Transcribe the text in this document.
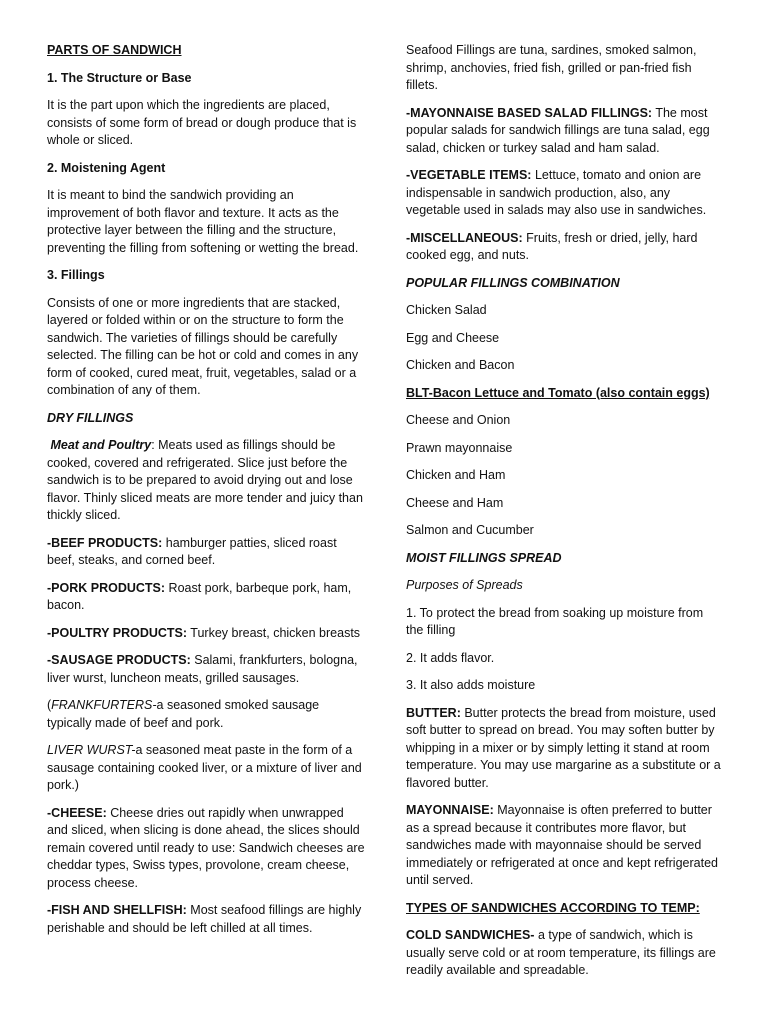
PARTS OF SANDWICH

1. The Structure or Base

It is the part upon which the ingredients are placed, consists of some form of bread or dough produce that is whole or sliced.

2. Moistening Agent

It is meant to bind the sandwich providing an improvement of both flavor and texture. It acts as the protective layer between the filling and the structure, preventing the filling from softening or wetting the bread.

3. Fillings

Consists of one or more ingredients that are stacked, layered or folded within or on the structure to form the sandwich. The varieties of fillings should be carefully selected. The filling can be hot or cold and comes in any form of cooked, cured meat, fruit, vegetables, salad or a combination of any of them.

DRY FILLINGS

Meat and Poultry: Meats used as fillings should be cooked, covered and refrigerated. Slice just before the sandwich is to be prepared to avoid drying out and lose flavor. Thinly sliced meats are more tender and juicy than thickly sliced.

-BEEF PRODUCTS: hamburger patties, sliced roast beef, steaks, and corned beef.

-PORK PRODUCTS: Roast pork, barbeque pork, ham, bacon.

-POULTRY PRODUCTS: Turkey breast, chicken breasts

-SAUSAGE PRODUCTS: Salami, frankfurters, bologna, liver wurst, luncheon meats, grilled sausages.

(FRANKFURTERS-a seasoned smoked sausage typically made of beef and pork.

LIVER WURST-a seasoned meat paste in the form of a sausage containing cooked liver, or a mixture of liver and pork.)

-CHEESE: Cheese dries out rapidly when unwrapped and sliced, when slicing is done ahead, the slices should remain covered until ready to use: Sandwich cheeses are cheddar types, Swiss types, provolone, cream cheese, process cheese.

-FISH AND SHELLFISH: Most seafood fillings are highly perishable and should be left chilled at all times.

Seafood Fillings are tuna, sardines, smoked salmon, shrimp, anchovies, fried fish, grilled or pan-fried fish fillets.

-MAYONNAISE BASED SALAD FILLINGS: The most popular salads for sandwich fillings are tuna salad, egg salad, chicken or turkey salad and ham salad.

-VEGETABLE ITEMS: Lettuce, tomato and onion are indispensable in sandwich production, also, any vegetable used in salads may also use in sandwiches.

-MISCELLANEOUS: Fruits, fresh or dried, jelly, hard cooked egg, and nuts.

POPULAR FILLINGS COMBINATION

Chicken Salad

Egg and Cheese

Chicken and Bacon

BLT-Bacon Lettuce and Tomato (also contain eggs)

Cheese and Onion

Prawn mayonnaise

Chicken and Ham

Cheese and Ham

Salmon and Cucumber

MOIST FILLINGS SPREAD

Purposes of Spreads

1. To protect the bread from soaking up moisture from the filling

2. It adds flavor.

3. It also adds moisture

BUTTER: Butter protects the bread from moisture, used soft butter to spread on bread. You may soften butter by whipping in a mixer or by simply letting it stand at room temperature. You may use margarine as a substitute or a flavored butter.

MAYONNAISE: Mayonnaise is often preferred to butter as a spread because it contributes more flavor, but sandwiches made with mayonnaise should be served immediately or refrigerated at once and kept refrigerated until served.

TYPES OF SANDWICHES ACCORDING TO TEMP:

COLD SANDWICHES- a type of sandwich, which is usually serve cold or at room temperature, its fillings are readily available and spreadable.
